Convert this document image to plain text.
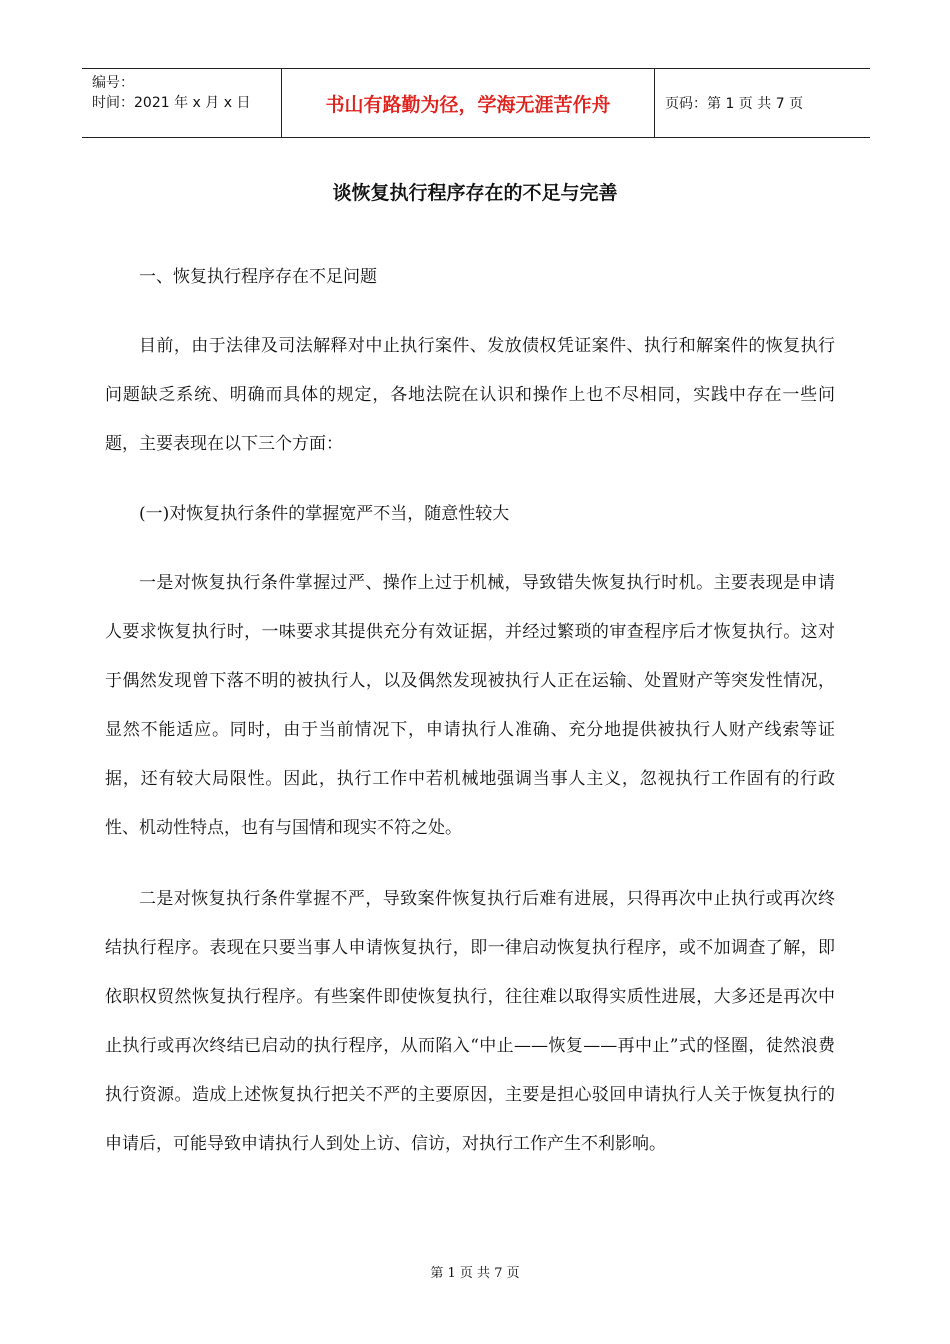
编号：
时间：2021 年 x 月 x 日	书山有路勤为径，学海无涯苦作舟	页码：第 1 页 共 7 页
谈恢复执行程序存在的不足与完善

一、恢复执行程序存在不足问题

目前，由于法律及司法解释对中止执行案件、发放债权凭证案件、执行和解案件的恢复执行问题缺乏系统、明确而具体的规定，各地法院在认识和操作上也不尽相同，实践中存在一些问题，主要表现在以下三个方面：

(一)对恢复执行条件的掌握宽严不当，随意性较大

一是对恢复执行条件掌握过严、操作上过于机械，导致错失恢复执行时机。主要表现是申请人要求恢复执行时，一味要求其提供充分有效证据，并经过繁琐的审查程序后才恢复执行。这对于偶然发现曾下落不明的被执行人，以及偶然发现被执行人正在运输、处置财产等突发性情况，显然不能适应。同时，由于当前情况下，申请执行人准确、充分地提供被执行人财产线索等证据，还有较大局限性。因此，执行工作中若机械地强调当事人主义，忽视执行工作固有的行政性、机动性特点，也有与国情和现实不符之处。

二是对恢复执行条件掌握不严，导致案件恢复执行后难有进展，只得再次中止执行或再次终结执行程序。表现在只要当事人申请恢复执行，即一律启动恢复执行程序，或不加调查了解，即依职权贸然恢复执行程序。有些案件即使恢复执行，往往难以取得实质性进展，大多还是再次中止执行或再次终结已启动的执行程序，从而陷入“中止——恢复——再中止”式的怪圈，徒然浪费执行资源。造成上述恢复执行把关不严的主要原因，主要是担心驳回申请执行人关于恢复执行的申请后，可能导致申请执行人到处上访、信访，对执行工作产生不利影响。

第 1 页 共 7 页
